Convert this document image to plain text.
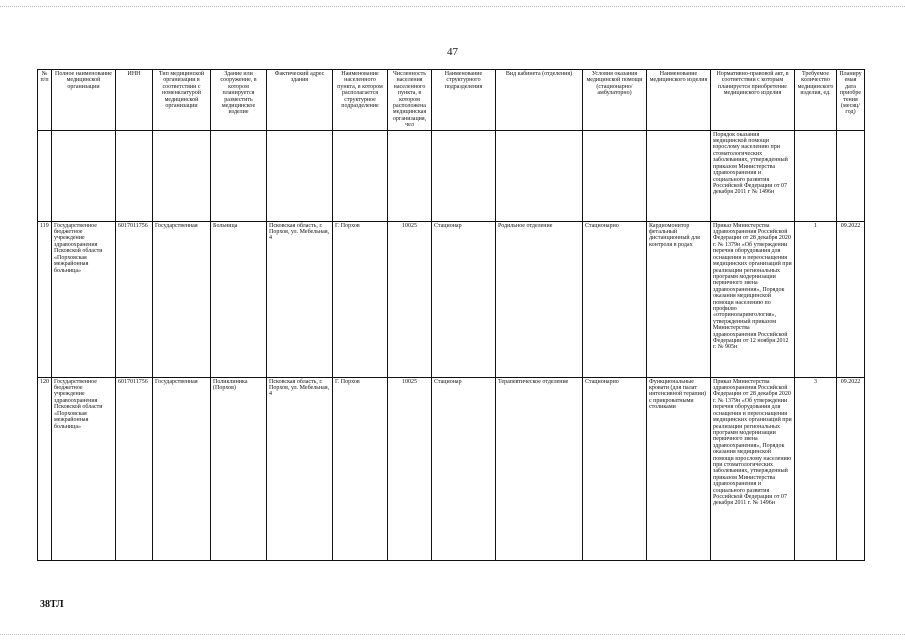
47
№ п/п	Полное наименование медицинской организации	ИНН	Тип медицинской организации в соответствии с номенклатурой медицинской организации	Здание или сооружение, в котором планируется разместить медицинское изделие	Фактический адрес здания	Наименование населенного пункта, в котором располагается структурное подразделение	Численность населения населенного пункта, в котором расположена медицинская организация, чел	Наименование структурного подразделения	Вид кабинета (отделения)	Условия оказания медицинской помощи (стационарно/ амбулаторно)	Наименование медицинского изделия	Нормативно-правовой акт, в соответствии с которым планируется приобретение медицинского изделия	Требуемое количество медицинского изделия, ед.	Планируемая дата приобретения (месяц/год)
												Порядок оказания медицинской помощи взрослому населению при стоматологических заболеваниях, утвержденный приказом Министерства здравоохранения и социального развития Российской Федерации от 07 декабря 2011 г № 1496н		
119	Государственное бюджетное учреждение здравоохранения Псковской области «Порховская межрайонная больница»	6017011756	Государственная	Больница	Псковская область, г. Порхов, ул. Мебельная, 4	Г. Порхов	10025	Стационар	Родильное отделение	Стационарно	Кардиомонитор фетальный дистанционный для контроля в родах	Приказ Министерства здравоохранения Российской Федерации от 28 декабря 2020 г. № 1379н «Об утверждении перечня оборудования для оснащения и переоснащения медицинских организаций при реализации региональных программ модернизации первичного звена здравоохранения», Порядок оказания медицинской помощи населению по профилю «оториноларингология», утвержденный приказом Министерства здравоохранения Российской Федерации от 12 ноября 2012 г. № 905н	1	09.2022
120	Государственное бюджетное учреждение здравоохранения Псковской области «Порховская межрайонная больница»	6017011756	Государственная	Поликлиника (Порхов)	Псковская область, г. Порхов, ул. Мебельная, 4	Г. Порхов	10025	Стационар	Терапевтическое отделение	Стационарно	Функциональные кровати (для палат интенсивной терапии) с прикроватными столиками	Приказ Министерства здравоохранения Российской Федерации от 28 декабря 2020 г. № 1379н «Об утверждении перечня оборудования для оснащения и переоснащения медицинских организаций при реализации региональных программ модернизации первичного звена здравоохранения», Порядок оказания медицинской помощи взрослому населению при стоматологических заболеваниях, утвержденный приказом Министерства здравоохранения и социального развития Российской Федерации от 07 декабря 2011 г. № 1496н	3	09.2022
38ТЛ
